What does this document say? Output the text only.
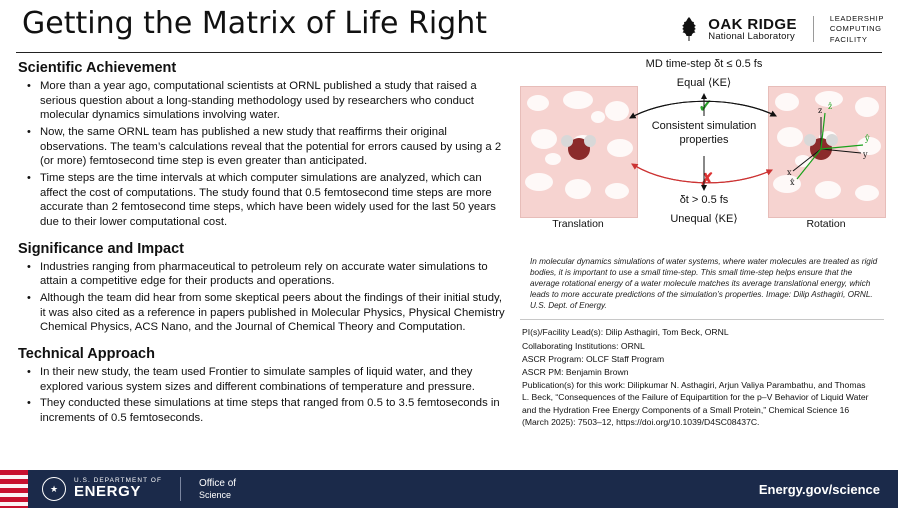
Getting the Matrix of Life Right	OAK RIDGE
National Laboratory
LEADERSHIP
COMPUTING
FACILITY
Scientific Achievement
• More than a year ago, computational scientists at ORNL published a study that raised a serious question about a long-standing methodology used by researchers who conduct molecular dynamics simulations involving water.
• Now, the same ORNL team has published a new study that reaffirms their original observations. The team’s calculations reveal that the potential for errors caused by using a 2 (or more) femtosecond time step is even greater than anticipated.
• Time steps are the time intervals at which computer simulations are analyzed, which can affect the cost of computations. The study found that 0.5 femtosecond time steps are more accurate than 2 femtosecond time steps, which have been widely used for the last 50 years due to their lower computational cost.
Significance and Impact
• Industries ranging from pharmaceutical to petroleum rely on accurate water simulations to attain a competitive edge for their products and operations.
• Although the team did hear from some skeptical peers about the findings of their initial study, it was also cited as a reference in papers published in Molecular Physics, Physical Chemistry Chemical Physics, ACS Nano, and the Journal of Chemical Theory and Computation.
Technical Approach
• In their new study, the team used Frontier to simulate samples of liquid water, and they explored various system sizes and different combinations of temperature and pressure.
• They conducted these simulations at time steps that ranged from 0.5 to 3.5 femtoseconds in increments of 0.5 femtoseconds.
MD time-step δt ≤ 0.5 fs
Equal ⟨KE⟩
Translation
z
y
x
ẑ
ŷ
x̂
Rotation
Consistent simulation properties
✓
✗
δt > 0.5 fs
Unequal ⟨KE⟩
In molecular dynamics simulations of water systems, where water molecules are treated as rigid bodies, it is important to use a small time-step. This small time-step helps ensure that the average rotational energy of a water molecule matches its average translational energy, which leads to more accurate predictions of the simulation’s properties. Image: Dilip Asthagiri, ORNL. U.S. Dept. of Energy.
PI(s)/Facility Lead(s): Dilip Asthagiri, Tom Beck, ORNL
Collaborating Institutions: ORNL
ASCR Program: OLCF Staff Program
ASCR PM: Benjamin Brown
Publication(s) for this work: Dilipkumar N. Asthagiri, Arjun Valiya Parambathu, and Thomas L. Beck, “Consequences of the Failure of Equipartition for the p–V Behavior of Liquid Water and the Hydration Free Energy Components of a Small Protein,” Chemical Science 16 (March 2025): 7503–12, https://doi.org/10.1039/D4SC08437C.
★
U.S. DEPARTMENT OF
ENERGY	Office of
Science	Energy.gov/science
